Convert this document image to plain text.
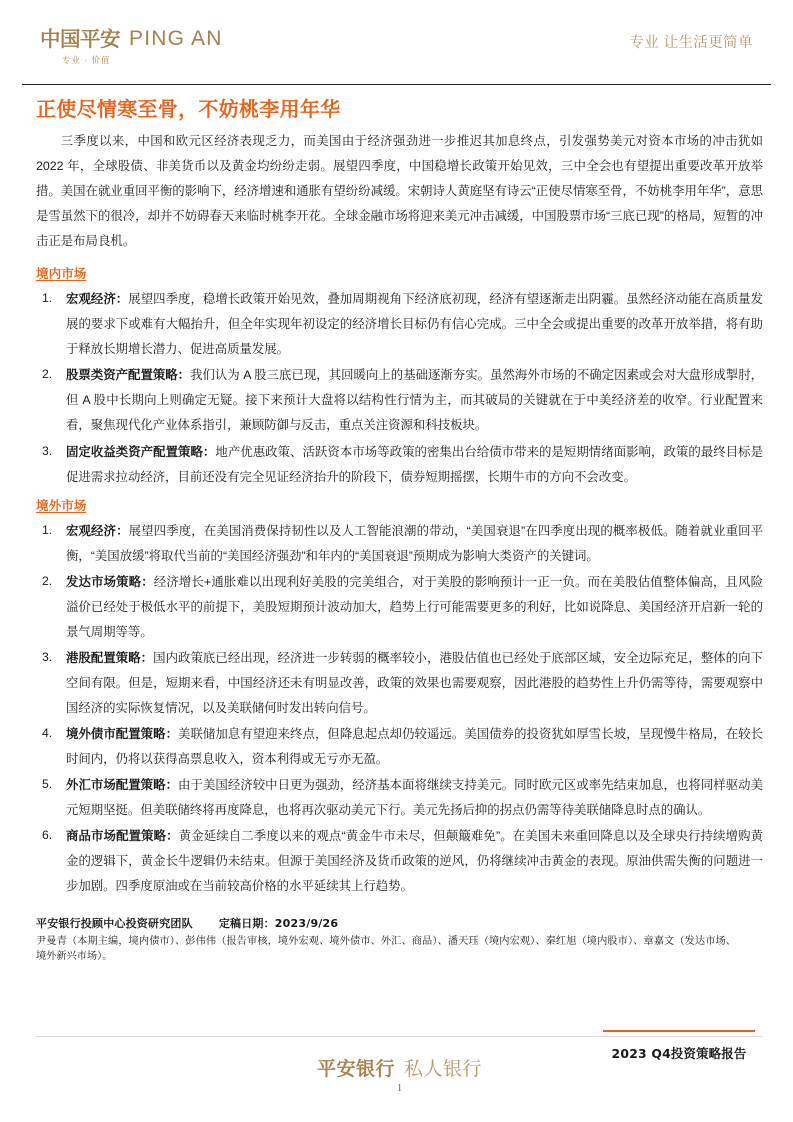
中国平安 PING AN
专业 · 价值
专业 让生活更简单
正使尽情寒至骨，不妨桃李用年华

三季度以来，中国和欧元区经济表现乏力，而美国由于经济强劲进一步推迟其加息终点，引发强势美元对资本市场的冲击犹如 2022 年，全球股债、非美货币以及黄金均纷纷走弱。展望四季度，中国稳增长政策开始见效，三中全会也有望提出重要改革开放举措。美国在就业重回平衡的影响下，经济增速和通胀有望纷纷减缓。宋朝诗人黄庭坚有诗云“正使尽情寒至骨，不妨桃李用年华”，意思是雪虽然下的很冷，却并不妨碍春天来临时桃李开花。全球金融市场将迎来美元冲击减缓，中国股票市场“三底已现”的格局，短暂的冲击正是布局良机。

境内市场
宏观经济：展望四季度，稳增长政策开始见效，叠加周期视角下经济底初现，经济有望逐渐走出阴霾。虽然经济动能在高质量发展的要求下或难有大幅抬升，但全年实现年初设定的经济增长目标仍有信心完成。三中全会或提出重要的改革开放举措，将有助于释放长期增长潜力、促进高质量发展。
股票类资产配置策略：我们认为 A 股三底已现，其回暖向上的基础逐渐夯实。虽然海外市场的不确定因素或会对大盘形成掣肘，但 A 股中长期向上则确定无疑。接下来预计大盘将以结构性行情为主，而其破局的关键就在于中美经济差的收窄。行业配置来看，聚焦现代化产业体系指引，兼顾防御与反击，重点关注资源和科技板块。
固定收益类资产配置策略：地产优惠政策、活跃资本市场等政策的密集出台给债市带来的是短期情绪面影响，政策的最终目标是促进需求拉动经济，目前还没有完全见证经济抬升的阶段下，债券短期摇摆，长期牛市的方向不会改变。
境外市场
宏观经济：展望四季度，在美国消费保持韧性以及人工智能浪潮的带动，“美国衰退”在四季度出现的概率极低。随着就业重回平衡，“美国放缓”将取代当前的“美国经济强劲”和年内的“美国衰退”预期成为影响大类资产的关键词。
发达市场策略：经济增长+通胀难以出现利好美股的完美组合，对于美股的影响预计一正一负。而在美股估值整体偏高，且风险溢价已经处于极低水平的前提下，美股短期预计波动加大，趋势上行可能需要更多的利好，比如说降息、美国经济开启新一轮的景气周期等等。
港股配置策略：国内政策底已经出现，经济进一步转弱的概率较小，港股估值也已经处于底部区域，安全边际充足，整体的向下空间有限。但是，短期来看，中国经济还未有明显改善，政策的效果也需要观察，因此港股的趋势性上升仍需等待，需要观察中国经济的实际恢复情况，以及美联储何时发出转向信号。
境外债市配置策略：美联储加息有望迎来终点，但降息起点却仍较遥远。美国债券的投资犹如厚雪长坡，呈现慢牛格局，在较长时间内，仍将以获得高票息收入，资本利得或无亏亦无盈。
外汇市场配置策略：由于美国经济较中日更为强劲，经济基本面将继续支持美元。同时欧元区或率先结束加息，也将同样驱动美元短期坚挺。但美联储终将再度降息，也将再次驱动美元下行。美元先扬后抑的拐点仍需等待美联储降息时点的确认。
商品市场配置策略：黄金延续自二季度以来的观点“黄金牛市未尽，但颠簸难免”。在美国未来重回降息以及全球央行持续增购黄金的逻辑下，黄金长牛逻辑仍未结束。但源于美国经济及货币政策的逆风，仍将继续冲击黄金的表现。原油供需失衡的问题进一步加剧。四季度原油或在当前较高价格的水平延续其上行趋势。
平安银行投顾中心投资研究团队 定稿日期：2023/9/26
尹曼青（本期主编，境内债市）、彭伟伟（报告审核，境外宏观、境外债市、外汇、商品）、潘天珏（境内宏观）、秦红旭（境内股市）、章嘉文（发达市场、境外新兴市场）。
2023 Q4投资策略报告
平安银行 私人银行
1
